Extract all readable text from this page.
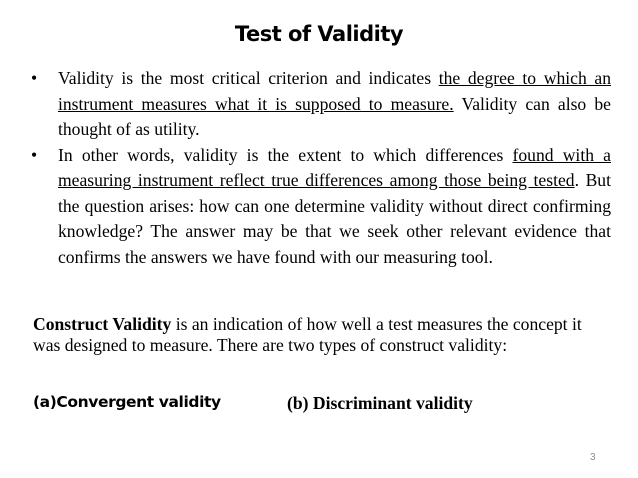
Test of Validity
• Validity is the most critical criterion and indicates the degree to which an instrument measures what it is supposed to measure. Validity can also be thought of as utility.
• In other words, validity is the extent to which differences found with a measuring instrument reflect true differences among those being tested. But the question arises: how can one determine validity without direct confirming knowledge? The answer may be that we seek other relevant evidence that confirms the answers we have found with our measuring tool.
Construct Validity is an indication of how well a test measures the concept it was designed to measure. There are two types of construct validity:
(a)Convergent validity	(b) Discriminant validity
3
